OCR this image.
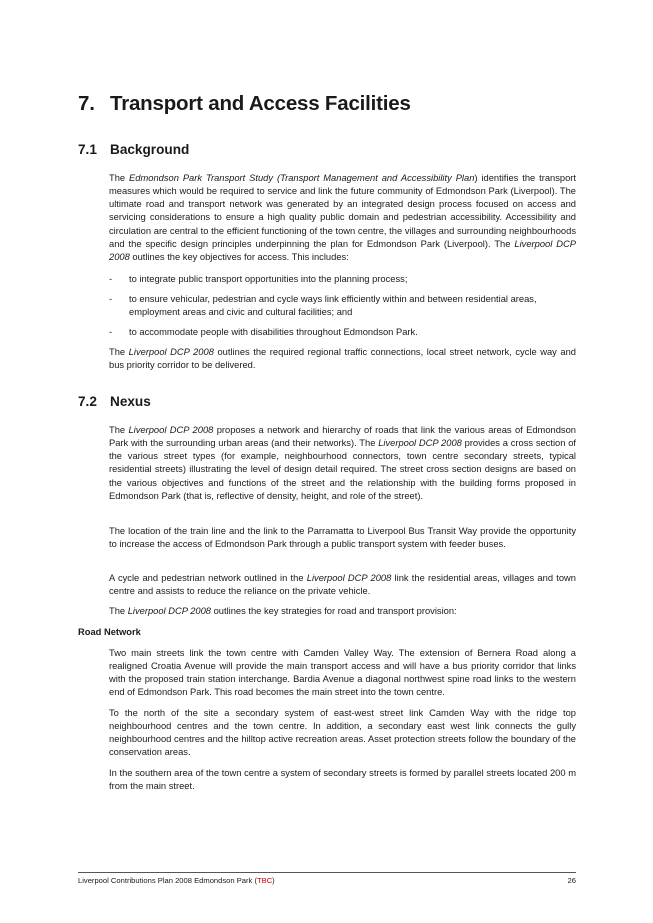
7. Transport and Access Facilities
7.1 Background

The Edmondson Park Transport Study (Transport Management and Accessibility Plan) identifies the transport measures which would be required to service and link the future community of Edmondson Park (Liverpool). The ultimate road and transport network was generated by an integrated design process focused on access and servicing considerations to ensure a high quality public domain and pedestrian accessibility. Accessibility and circulation are central to the efficient functioning of the town centre, the villages and surrounding neighbourhoods and the specific design principles underpinning the plan for Edmondson Park (Liverpool). The Liverpool DCP 2008 outlines the key objectives for access. This includes:

- to integrate public transport opportunities into the planning process;
- to ensure vehicular, pedestrian and cycle ways link efficiently within and between residential areas, employment areas and civic and cultural facilities; and
- to accommodate people with disabilities throughout Edmondson Park.

The Liverpool DCP 2008 outlines the required regional traffic connections, local street network, cycle way and bus priority corridor to be delivered.

7.2 Nexus

The Liverpool DCP 2008 proposes a network and hierarchy of roads that link the various areas of Edmondson Park with the surrounding urban areas (and their networks). The Liverpool DCP 2008 provides a cross section of the various street types (for example, neighbourhood connectors, town centre secondary streets, typical residential streets) illustrating the level of design detail required. The street cross section designs are based on the various objectives and functions of the street and the relationship with the building forms proposed in Edmondson Park (that is, reflective of density, height, and role of the street).

The location of the train line and the link to the Parramatta to Liverpool Bus Transit Way provide the opportunity to increase the access of Edmondson Park through a public transport system with feeder buses.

A cycle and pedestrian network outlined in the Liverpool DCP 2008 link the residential areas, villages and town centre and assists to reduce the reliance on the private vehicle.

The Liverpool DCP 2008 outlines the key strategies for road and transport provision:

Road Network

Two main streets link the town centre with Camden Valley Way. The extension of Bernera Road along a realigned Croatia Avenue will provide the main transport access and will have a bus priority corridor that links with the proposed train station interchange. Bardia Avenue a diagonal northwest spine road links to the western end of Edmondson Park. This road becomes the main street into the town centre.

To the north of the site a secondary system of east-west street link Camden Way with the ridge top neighbourhood centres and the town centre. In addition, a secondary east west link connects the gully neighbourhood centres and the hilltop active recreation areas. Asset protection streets follow the boundary of the conservation areas.

In the southern area of the town centre a system of secondary streets is formed by parallel streets located 200 m from the main street.

Liverpool Contributions Plan 2008 Edmondson Park (TBC)	26
